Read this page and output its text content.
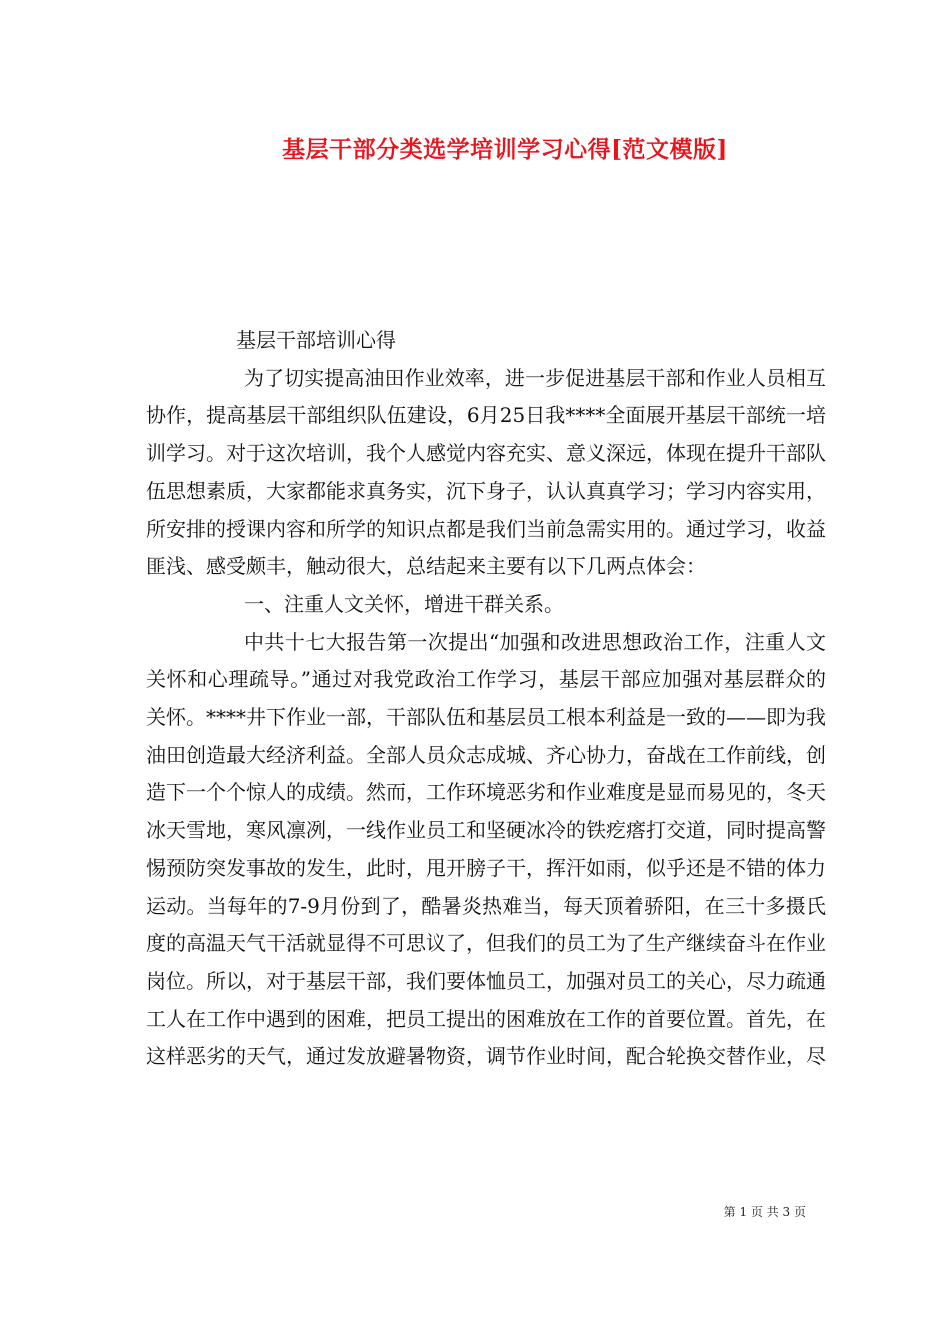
基层干部分类选学培训学习心得[范文模版]

基层干部培训心得

为了切实提高油田作业效率，进一步促进基层干部和作业人员相互协作，提高基层干部组织队伍建设，6月25日我****全面展开基层干部统一培训学习。对于这次培训，我个人感觉内容充实、意义深远，体现在提升干部队伍思想素质，大家都能求真务实，沉下身子，认认真真学习；学习内容实用，所安排的授课内容和所学的知识点都是我们当前急需实用的。通过学习，收益匪浅、感受颇丰，触动很大，总结起来主要有以下几两点体会：

一、注重人文关怀，增进干群关系。

中共十七大报告第一次提出“加强和改进思想政治工作，注重人文关怀和心理疏导。”通过对我党政治工作学习，基层干部应加强对基层群众的关怀。****井下作业一部，干部队伍和基层员工根本利益是一致的——即为我油田创造最大经济利益。全部人员众志成城、齐心协力，奋战在工作前线，创造下一个个惊人的成绩。然而，工作环境恶劣和作业难度是显而易见的，冬天冰天雪地，寒风凛冽，一线作业员工和坚硬冰冷的铁疙瘩打交道，同时提高警惕预防突发事故的发生，此时，甩开膀子干，挥汗如雨，似乎还是不错的体力运动。当每年的7-9月份到了，酷暑炎热难当，每天顶着骄阳，在三十多摄氏度的高温天气干活就显得不可思议了，但我们的员工为了生产继续奋斗在作业岗位。所以，对于基层干部，我们要体恤员工，加强对员工的关心，尽力疏通工人在工作中遇到的困难，把员工提出的困难放在工作的首要位置。首先，在这样恶劣的天气，通过发放避暑物资，调节作业时间，配合轮换交替作业，尽

第 1 页 共 3 页
